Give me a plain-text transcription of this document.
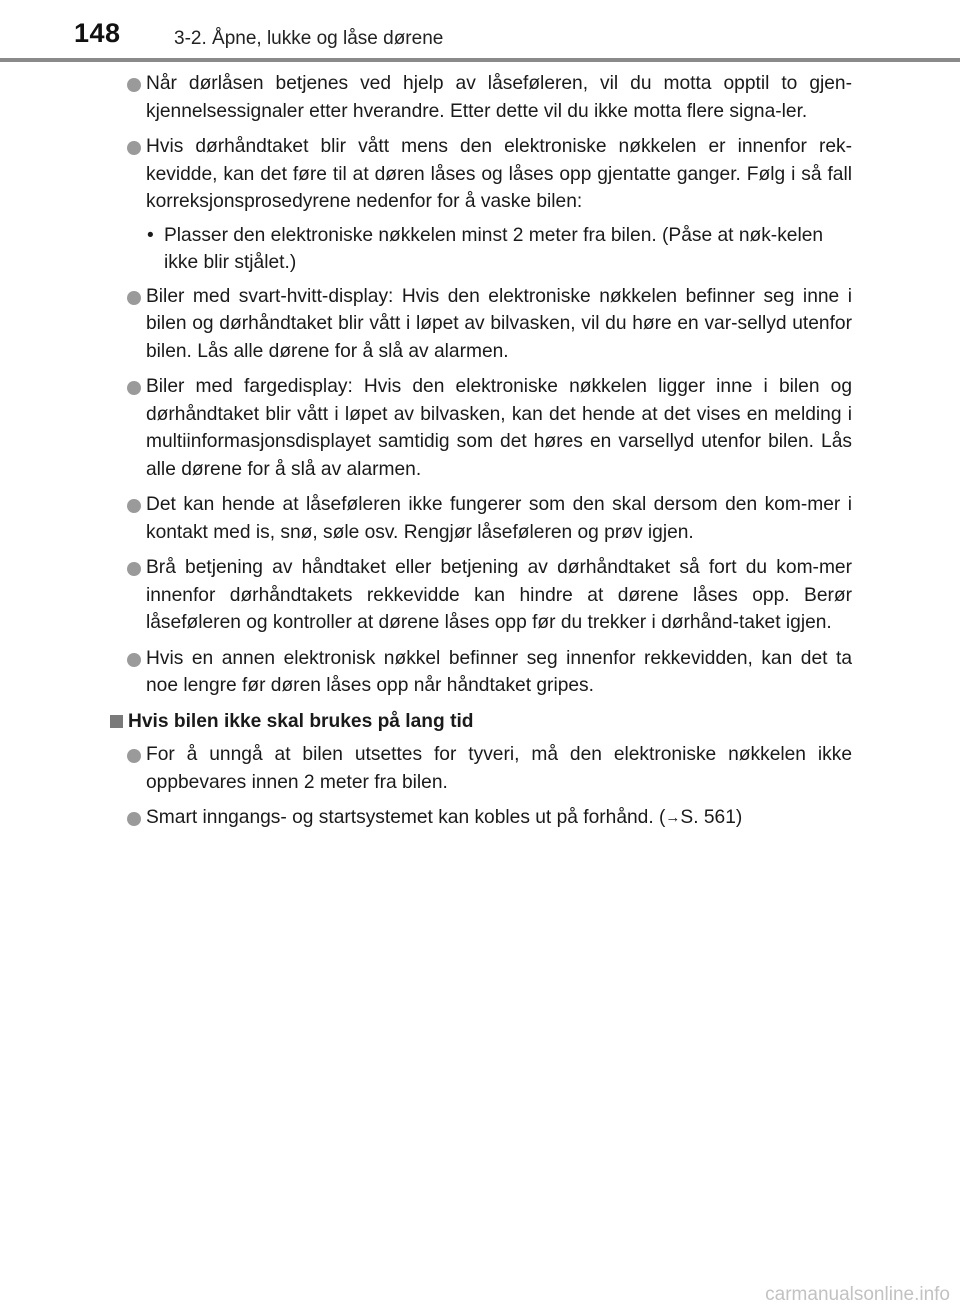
148	3-2. Åpne, lukke og låse dørene
Når dørlåsen betjenes ved hjelp av låseføleren, vil du motta opptil to gjen-kjennelsessignaler etter hverandre. Etter dette vil du ikke motta flere signa-ler.
Hvis dørhåndtaket blir vått mens den elektroniske nøkkelen er innenfor rek-kevidde, kan det føre til at døren låses og låses opp gjentatte ganger. Følg i så fall korreksjonsprosedyrene nedenfor for å vaske bilen:
• Plasser den elektroniske nøkkelen minst 2 meter fra bilen. (Påse at nøk-kelen ikke blir stjålet.)
Biler med svart-hvitt-display: Hvis den elektroniske nøkkelen befinner seg inne i bilen og dørhåndtaket blir vått i løpet av bilvasken, vil du høre en var-sellyd utenfor bilen. Lås alle dørene for å slå av alarmen.
Biler med fargedisplay: Hvis den elektroniske nøkkelen ligger inne i bilen og dørhåndtaket blir vått i løpet av bilvasken, kan det hende at det vises en melding i multiinformasjonsdisplayet samtidig som det høres en varsellyd utenfor bilen. Lås alle dørene for å slå av alarmen.
Det kan hende at låseføleren ikke fungerer som den skal dersom den kom-mer i kontakt med is, snø, søle osv. Rengjør låseføleren og prøv igjen.
Brå betjening av håndtaket eller betjening av dørhåndtaket så fort du kom-mer innenfor dørhåndtakets rekkevidde kan hindre at dørene låses opp. Berør låseføleren og kontroller at dørene låses opp før du trekker i dørhånd-taket igjen.
Hvis en annen elektronisk nøkkel befinner seg innenfor rekkevidden, kan det ta noe lengre før døren låses opp når håndtaket gripes.
Hvis bilen ikke skal brukes på lang tid
For å unngå at bilen utsettes for tyveri, må den elektroniske nøkkelen ikke oppbevares innen 2 meter fra bilen.
Smart inngangs- og startsystemet kan kobles ut på forhånd. (→S. 561)
carmanualsonline.info
